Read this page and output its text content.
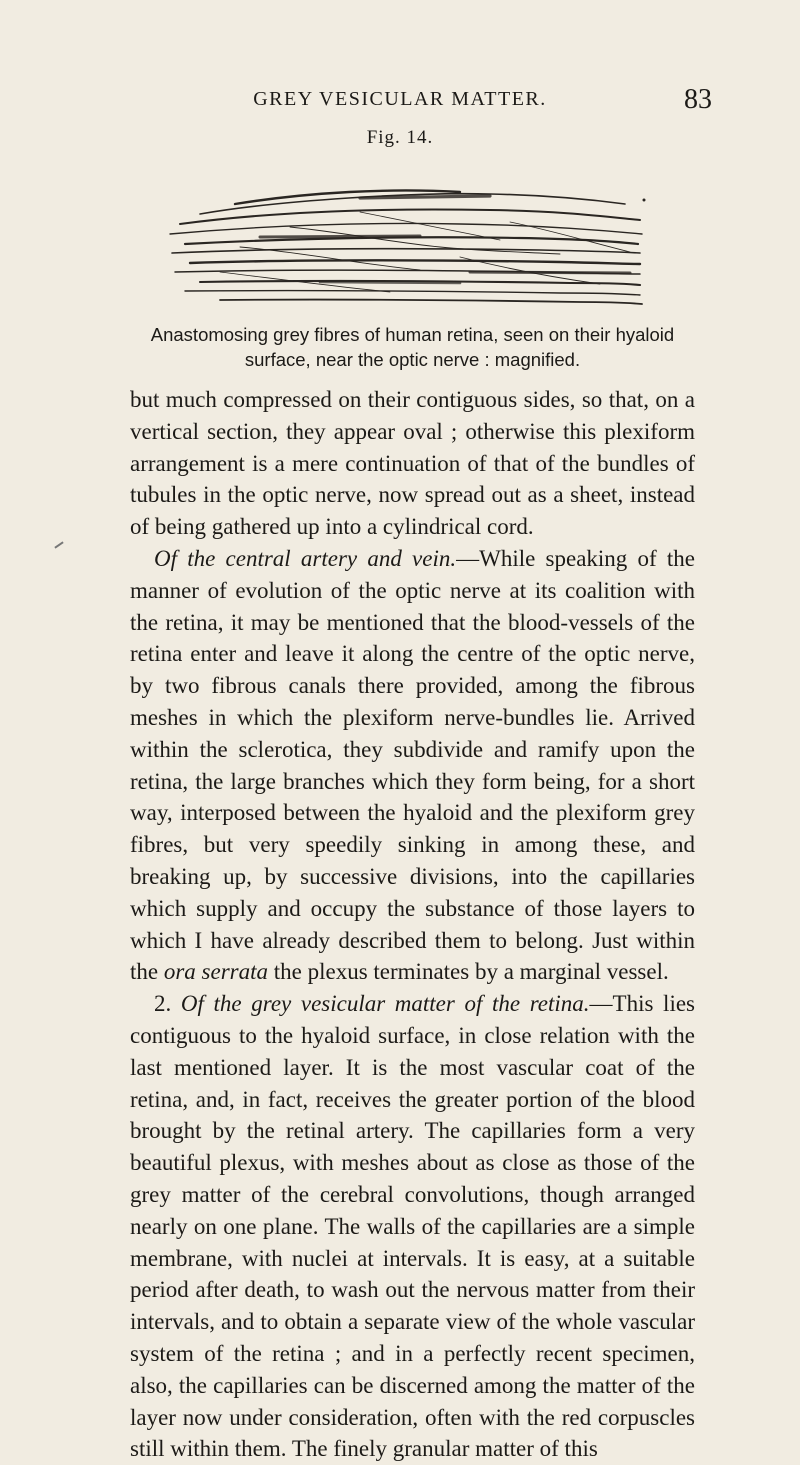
GREY VESICULAR MATTER.	83
Fig. 14.
Anastomosing grey fibres of human retina, seen on their hyaloid surface, near the optic nerve : magnified.

but much compressed on their contiguous sides, so that, on a vertical section, they appear oval ; otherwise this plexiform arrangement is a mere continuation of that of the bundles of tubules in the optic nerve, now spread out as a sheet, instead of being gathered up into a cylindrical cord.

Of the central artery and vein.—While speaking of the manner of evolution of the optic nerve at its coalition with the retina, it may be mentioned that the blood-vessels of the retina enter and leave it along the centre of the optic nerve, by two fibrous canals there provided, among the fibrous meshes in which the plexiform nerve-bundles lie. Arrived within the sclerotica, they subdivide and ramify upon the retina, the large branches which they form being, for a short way, interposed between the hyaloid and the plexiform grey fibres, but very speedily sinking in among these, and breaking up, by successive divisions, into the capillaries which supply and occupy the substance of those layers to which I have already described them to belong. Just within the ora serrata the plexus terminates by a marginal vessel.

2. Of the grey vesicular matter of the retina.—This lies contiguous to the hyaloid surface, in close relation with the last mentioned layer. It is the most vascular coat of the retina, and, in fact, receives the greater portion of the blood brought by the retinal artery. The capillaries form a very beautiful plexus, with meshes about as close as those of the grey matter of the cerebral convolutions, though arranged nearly on one plane. The walls of the capillaries are a simple membrane, with nuclei at intervals. It is easy, at a suitable period after death, to wash out the nervous matter from their intervals, and to obtain a separate view of the whole vascular system of the retina ; and in a perfectly recent specimen, also, the capillaries can be discerned among the matter of the layer now under consideration, often with the red corpuscles still within them. The finely granular matter of this
